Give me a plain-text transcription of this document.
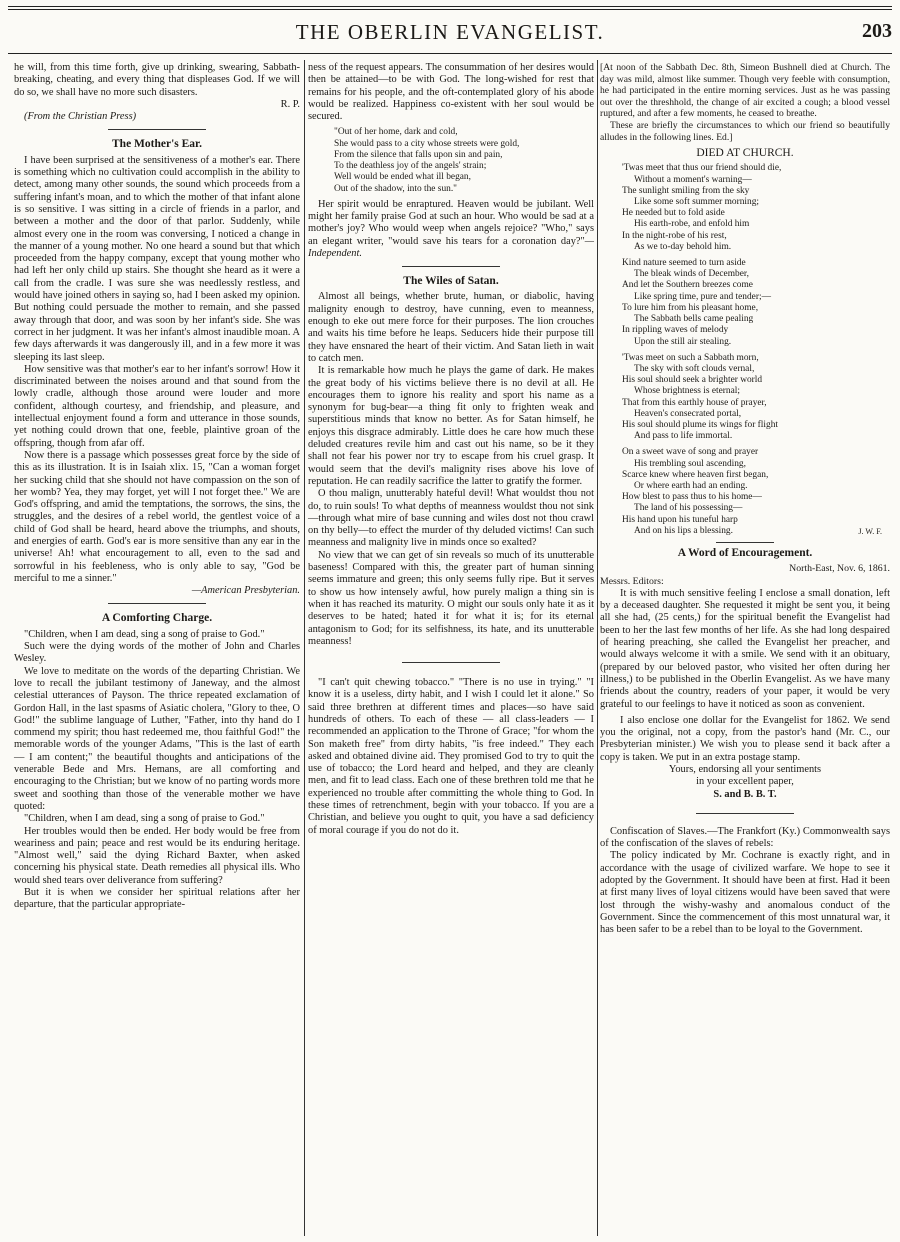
THE OBERLIN EVANGELIST.	203

he will, from this time forth, give up drinking, swearing, Sabbath-breaking, cheating, and every thing that displeases God. If we will do so, we shall have no more such disasters.

R. P.

(From the Christian Press)

The Mother's Ear.

I have been surprised at the sensitiveness of a mother's ear. There is something which no cultivation could accomplish in the ability to detect, among many other sounds, the sound which proceeds from a suffering infant's moan, and to which the mother of that infant alone is so sensitive. I was sitting in a circle of friends in a parlor, and between a mother and the door of that parlor. Suddenly, while almost every one in the room was conversing, I noticed a change in the manner of a young mother. No one heard a sound but that which proceeded from the happy company, except that young mother who had left her only child up stairs. She thought she heard as it were a call from the cradle. I was sure she was needlessly restless, and would have joined others in saying so, had I been asked my opinion. But nothing could persuade the mother to remain, and she passed away through that door, and was soon by her infant's side. She was correct in her judgment. It was her infant's almost inaudible moan. A few days afterwards it was dangerously ill, and in a few more it was sleeping its last sleep.

How sensitive was that mother's ear to her infant's sorrow! How it discriminated between the noises around and that sound from the lowly cradle, although those around were louder and more confident, although courtesy, and friendship, and pleasure, and intellectual enjoyment found a form and utterance in those sounds, yet nothing could drown that one, feeble, plaintive groan of the offspring, though from afar off.

Now there is a passage which possesses great force by the side of this as its illustration. It is in Isaiah xlix. 15, "Can a woman forget her sucking child that she should not have compassion on the son of her womb? Yea, they may forget, yet will I not forget thee." We are God's offspring, and amid the temptations, the sorrows, the sins, the struggles, and the desires of a rebel world, the gentlest voice of a child of God shall be heard, heard above the triumphs, and shouts, and energies of earth. God's ear is more sensitive than any ear in the universe! Ah! what encouragement to all, even to the sad and sorrowful in his feebleness, who is only able to say, "God be merciful to me a sinner."

—American Presbyterian.

A Comforting Charge.

"Children, when I am dead, sing a song of praise to God."

Such were the dying words of the mother of John and Charles Wesley.

We love to meditate on the words of the departing Christian. We love to recall the jubilant testimony of Janeway, and the almost celestial utterances of Payson. The thrice repeated exclamation of Gordon Hall, in the last spasms of Asiatic cholera, "Glory to thee, O God!" the sublime language of Luther, "Father, into thy hand do I commend my spirit; thou hast redeemed me, thou faithful God!" the memorable words of the younger Adams, "This is the last of earth — I am content;" the beautiful thoughts and anticipations of the venerable Bede and Mrs. Hemans, are all comforting and encouraging to the Christian; but we know of no parting words more sweet and soothing than those of the venerable mother we have quoted:

"Children, when I am dead, sing a song of praise to God."

Her troubles would then be ended. Her body would be free from weariness and pain; peace and rest would be its enduring heritage. "Almost well," said the dying Richard Baxter, when asked concerning his physical state. Death remedies all physical ills. Who would shed tears over deliverance from suffering?

But it is when we consider her spiritual relations after her departure, that the particular appropriate-

ness of the request appears. The consummation of her desires would then be attained—to be with God. The long-wished for rest that remains for his people, and the oft-contemplated glory of his abode would be realized. Happiness co-existent with her soul would be secured.

"Out of her home, dark and cold,
She would pass to a city whose streets were gold,
From the silence that falls upon sin and pain,
To the deathless joy of the angels' strain;
Well would be ended what ill began,
Out of the shadow, into the sun."

Her spirit would be enraptured. Heaven would be jubilant. Well might her family praise God at such an hour. Who would be sad at a mother's joy? Who would weep when angels rejoice? "Who," says an elegant writer, "would save his tears for a coronation day?"—Independent.

The Wiles of Satan.

Almost all beings, whether brute, human, or diabolic, having malignity enough to destroy, have cunning, even to meanness, enough to eke out mere force for their purposes. The lion crouches and waits his time before he leaps. Seducers hide their purpose till they have ensnared the heart of their victim. And Satan lieth in wait to catch men.

It is remarkable how much he plays the game of dark. He makes the great body of his victims believe there is no devil at all. He encourages them to ignore his reality and sport his name as a synonym for bug-bear—a thing fit only to frighten weak and superstitious minds that know no better. As for Satan himself, he enjoys this disgrace admirably. Little does he care how much these deluded creatures revile him and cast out his name, so be it they shall not fear his power nor try to escape from his cruel grasp. It would seem that the devil's malignity rises above his love of reputation. He can readily sacrifice the latter to gratify the former.

O thou malign, unutterably hateful devil! What wouldst thou not do, to ruin souls! To what depths of meanness wouldst thou not sink—through what mire of base cunning and wiles dost not thou crawl on thy belly—to effect the murder of thy deluded victims! Can such meanness and malignity live in minds once so exalted?

No view that we can get of sin reveals so much of its unutterable baseness! Compared with this, the greater part of human sinning seems immature and green; this only seems fully ripe. But it serves to show us how intensely awful, how purely malign a thing sin is when it has reached its maturity. O might our souls only hate it as it deserves to be hated; hated it for what it is; for its eternal antagonism to God; for its selfishness, its hate, and its unutterable meanness!

"I can't quit chewing tobacco." "There is no use in trying." "I know it is a useless, dirty habit, and I wish I could let it alone." So said three brethren at different times and places—so have said hundreds of others. To each of these — all class-leaders — I recommended an application to the Throne of Grace; "for whom the Son maketh free" from dirty habits, "is free indeed." They each asked and obtained divine aid. They promised God to try to quit the use of tobacco; the Lord heard and helped, and they are cleanly men, and fit to lead class. Each one of these brethren told me that he experienced no trouble after committing the whole thing to God. In these times of retrenchment, begin with your tobacco. If you are a Christian, and believe you ought to quit, you have a sad deficiency of moral courage if you do not do it.

[At noon of the Sabbath Dec. 8th, Simeon Bushnell died at Church. The day was mild, almost like summer. Though very feeble with consumption, he had participated in the entire morning services. Just as he was passing out over the threshhold, the change of air excited a cough; a blood vessel ruptured, and after a few moments, he ceased to breathe.

These are briefly the circumstances to which our friend so beautifully alludes in the following lines. Ed.]

DIED AT CHURCH.
'Twas meet that thus our friend should die,
Without a moment's warning—
The sunlight smiling from the sky
Like some soft summer morning;
He needed but to fold aside
His earth-robe, and enfold him
In the night-robe of his rest,
As we to-day behold him.
Kind nature seemed to turn aside
The bleak winds of December,
And let the Southern breezes come
Like spring time, pure and tender;—
To lure him from his pleasant home,
The Sabbath bells came pealing
In rippling waves of melody
Upon the still air stealing.
'Twas meet on such a Sabbath morn,
The sky with soft clouds vernal,
His soul should seek a brighter world
Whose brightness is eternal;
That from this earthly house of prayer,
Heaven's consecrated portal,
His soul should plume its wings for flight
And pass to life immortal.
On a sweet wave of song and prayer
His trembling soul ascending,
Scarce knew where heaven first began,
Or where earth had an ending.
How blest to pass thus to his home—
The land of his possessing—
His hand upon his tuneful harp
And on his lips a blessing.	J. W. F.
A Word of Encouragement.

North-East, Nov. 6, 1861.

Messrs. Editors:

It is with much sensitive feeling I enclose a small donation, left by a deceased daughter. She requested it might be sent you, it being all she had, (25 cents,) for the spiritual benefit the Evangelist had been to her the last few months of her life. As she had long despaired of hearing preaching, she called the Evangelist her preacher, and would always welcome it with a smile. We send with it an obituary, (prepared by our beloved pastor, who visited her often during her illness,) to be published in the Oberlin Evangelist. As we have many friends about the country, readers of your paper, it would be very grateful to our feelings to have it noticed as soon as convenient.

I also enclose one dollar for the Evangelist for 1862. We send you the original, not a copy, from the pastor's hand (Mr. C., our Presbyterian minister.) We wish you to please send it back after a copy is taken. We put in an extra postage stamp.

Yours, endorsing all your sentiments

in your excellent paper,

S. and B. B. T.

Confiscation of Slaves.—The Frankfort (Ky.) Commonwealth says of the confiscation of the slaves of rebels:

The policy indicated by Mr. Cochrane is exactly right, and in accordance with the usage of civilized warfare. We hope to see it adopted by the Government. It should have been at first. Had it been at first many lives of loyal citizens would have been saved that were lost through the wishy-washy and anomalous conduct of the Government. Since the commencement of this most unnatural war, it has been safer to be a rebel than to be loyal to the Government.
